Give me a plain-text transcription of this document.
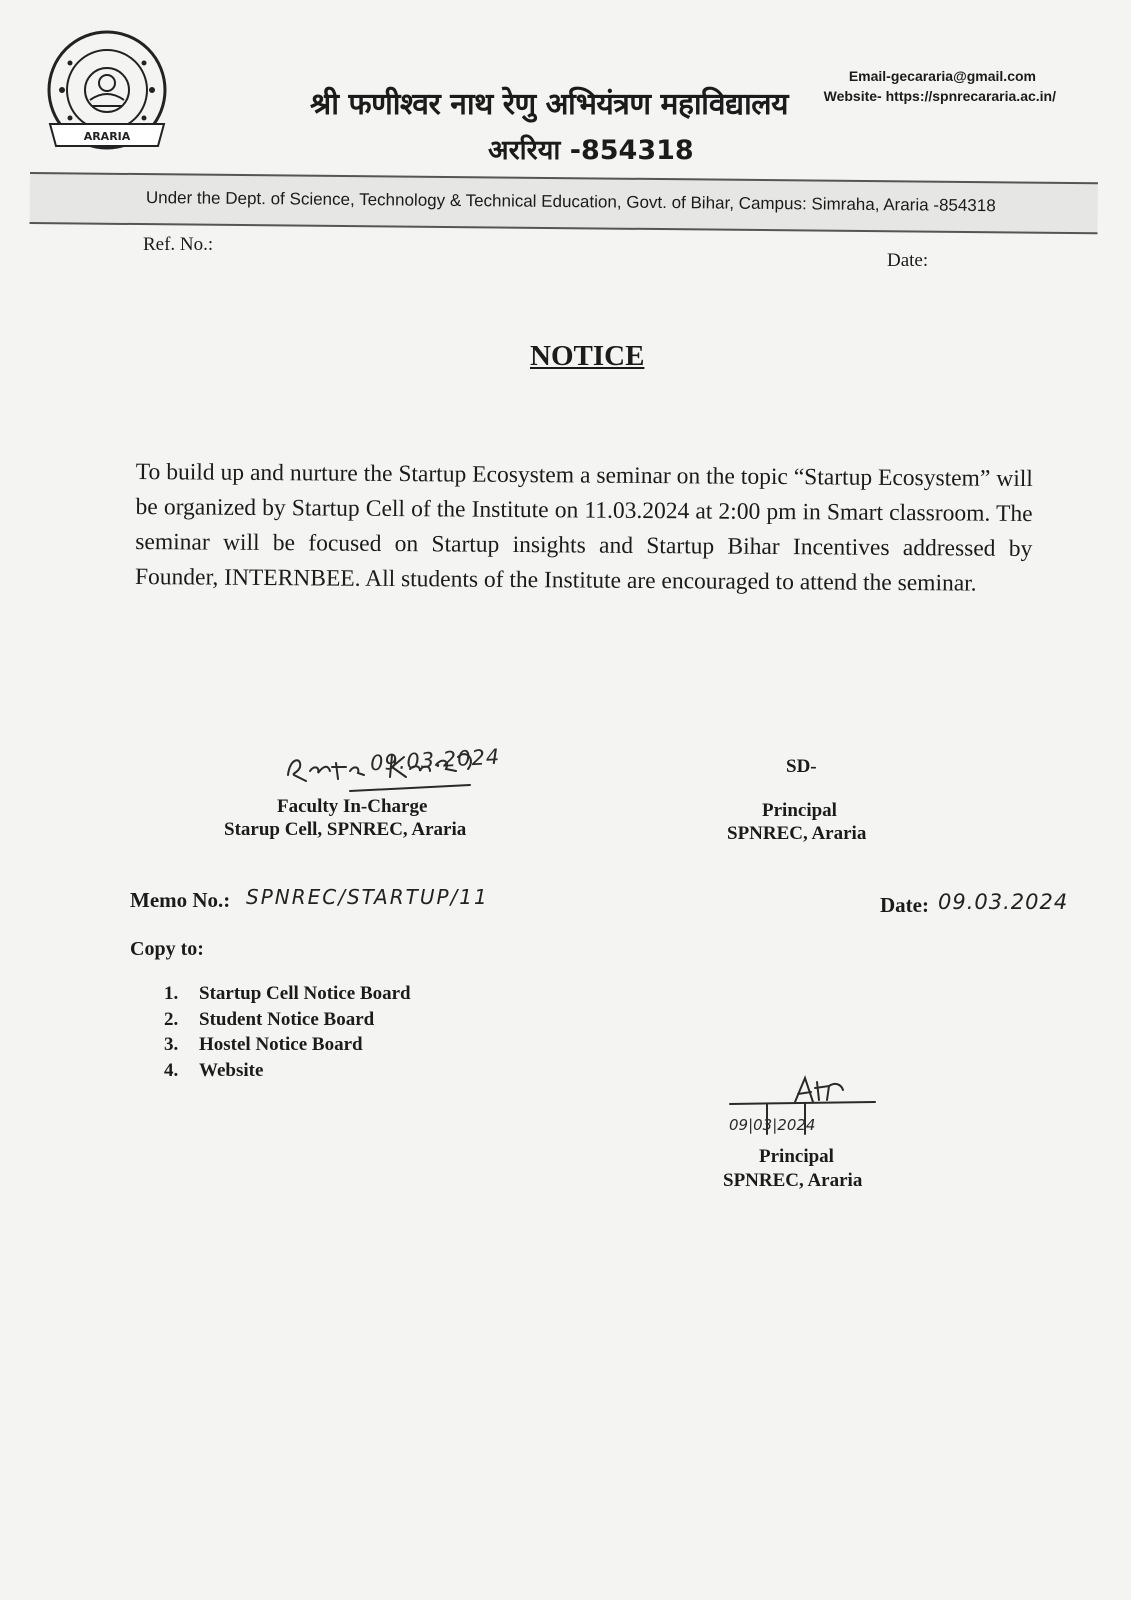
ARARIA
Email-gecararia@gmail.com
Website- https://spnrecararia.ac.in/
श्री फणीश्वर नाथ रेणु अभियंत्रण महाविद्यालय
अररिया -854318
Under the Dept. of Science, Technology & Technical Education, Govt. of Bihar, Campus: Simraha, Araria -854318
Ref. No.:
Date:
NOTICE
To build up and nurture the Startup Ecosystem a seminar on the topic “Startup Ecosystem” will be organized by Startup Cell of the Institute on 11.03.2024 at 2:00 pm in Smart classroom. The seminar will be focused on Startup insights and Startup Bihar Incentives addressed by Founder, INTERNBEE. All students of the Institute are encouraged to attend the seminar.
09.03.2024
Faculty In-Charge
Starup Cell, SPNREC, Araria
SD-
Principal
SPNREC, Araria
Memo No.: SPNREC/STARTUP/11	Date: 09.03.2024
Copy to:
1. Startup Cell Notice Board
2. Student Notice Board
3. Hostel Notice Board
4. Website
09|03|2024
Principal
SPNREC, Araria
